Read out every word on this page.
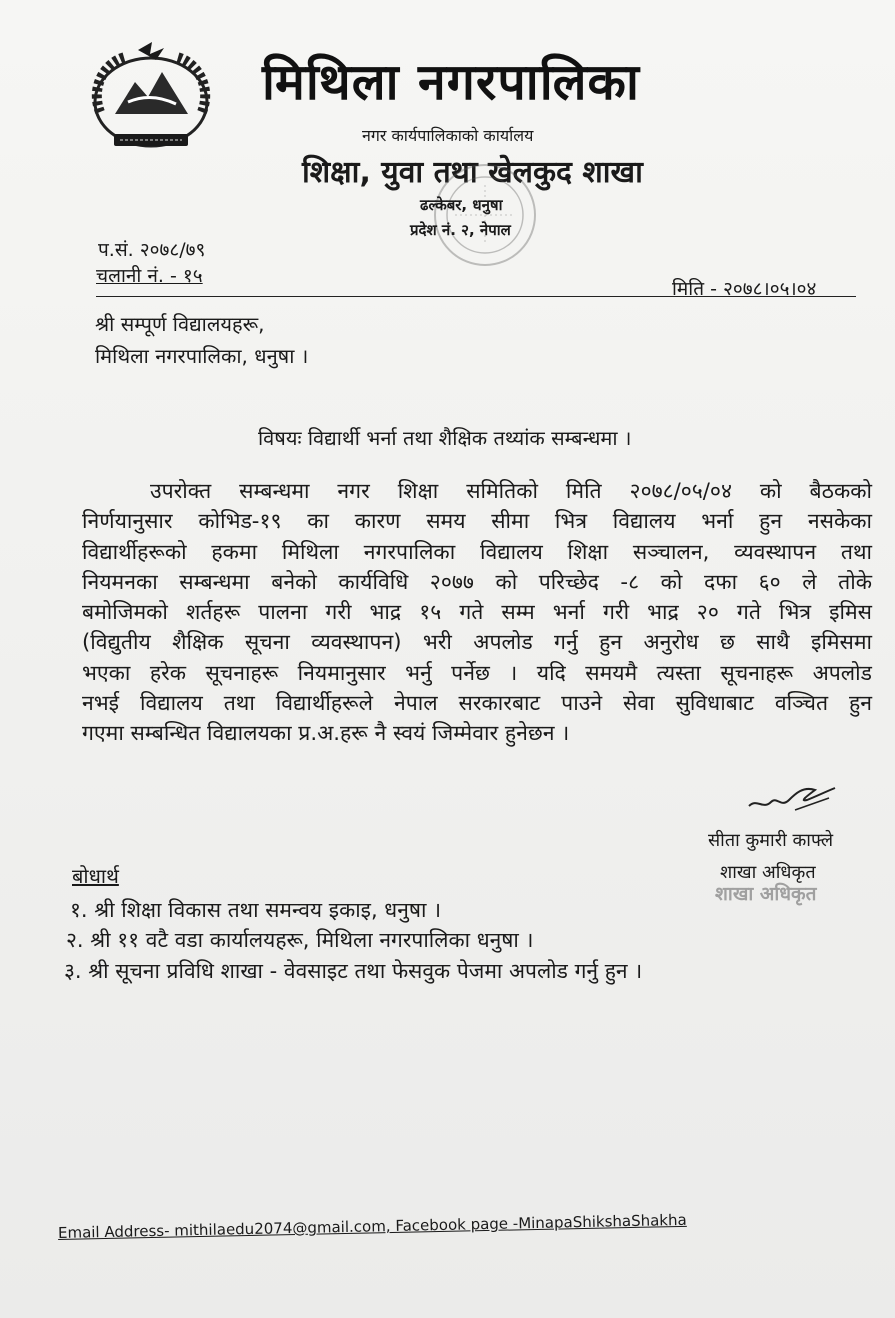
मिथिला नगरपालिका
नगर कार्यपालिकाको कार्यालय
शिक्षा, युवा तथा खेलकुद शाखा
ढल्केबर, धनुषा
प्रदेश नं. २, नेपाल
प.सं. २०७८/७९
चलानी नं. - १५
मिति - २०७८।०५।०४
श्री सम्पूर्ण विद्यालयहरू,
मिथिला नगरपालिका, धनुषा ।
विषयः विद्यार्थी भर्ना तथा शैक्षिक तथ्यांक सम्बन्धमा ।
उपरोक्त सम्बन्धमा नगर शिक्षा समितिको मिति २०७८/०५/०४ को बैठकको
निर्णयानुसार कोभिड-१९ का कारण समय सीमा भित्र विद्यालय भर्ना हुन नसकेका
विद्यार्थीहरूको हकमा मिथिला नगरपालिका विद्यालय शिक्षा सञ्चालन, व्यवस्थापन तथा
नियमनका सम्बन्धमा बनेको कार्यविधि २०७७ को परिच्छेद -८ को दफा ६० ले तोके
बमोजिमको शर्तहरू पालना गरी भाद्र १५ गते सम्म भर्ना गरी भाद्र २० गते भित्र इमिस
(विद्युतीय शैक्षिक सूचना व्यवस्थापन) भरी अपलोड गर्नु हुन अनुरोध छ साथै इमिसमा
भएका हरेक सूचनाहरू नियमानुसार भर्नु पर्नेछ । यदि समयमै त्यस्ता सूचनाहरू अपलोड
नभई विद्यालय तथा विद्यार्थीहरूले नेपाल सरकारबाट पाउने सेवा सुविधाबाट वञ्चित हुन
गएमा सम्बन्धित विद्यालयका प्र.अ.हरू नै स्वयं जिम्मेवार हुनेछन ।
सीता कुमारी काफ्ले
शाखा अधिकृत
शाखा अधिकृत
बोधार्थ
१. श्री शिक्षा विकास तथा समन्वय इकाइ, धनुषा ।
२. श्री ११ वटै वडा कार्यालयहरू, मिथिला नगरपालिका धनुषा ।
३. श्री सूचना प्रविधि शाखा - वेवसाइट तथा फेसवुक पेजमा अपलोड गर्नु हुन ।
Email Address- mithilaedu2074@gmail.com, Facebook page -MinapaShikshaShakha
